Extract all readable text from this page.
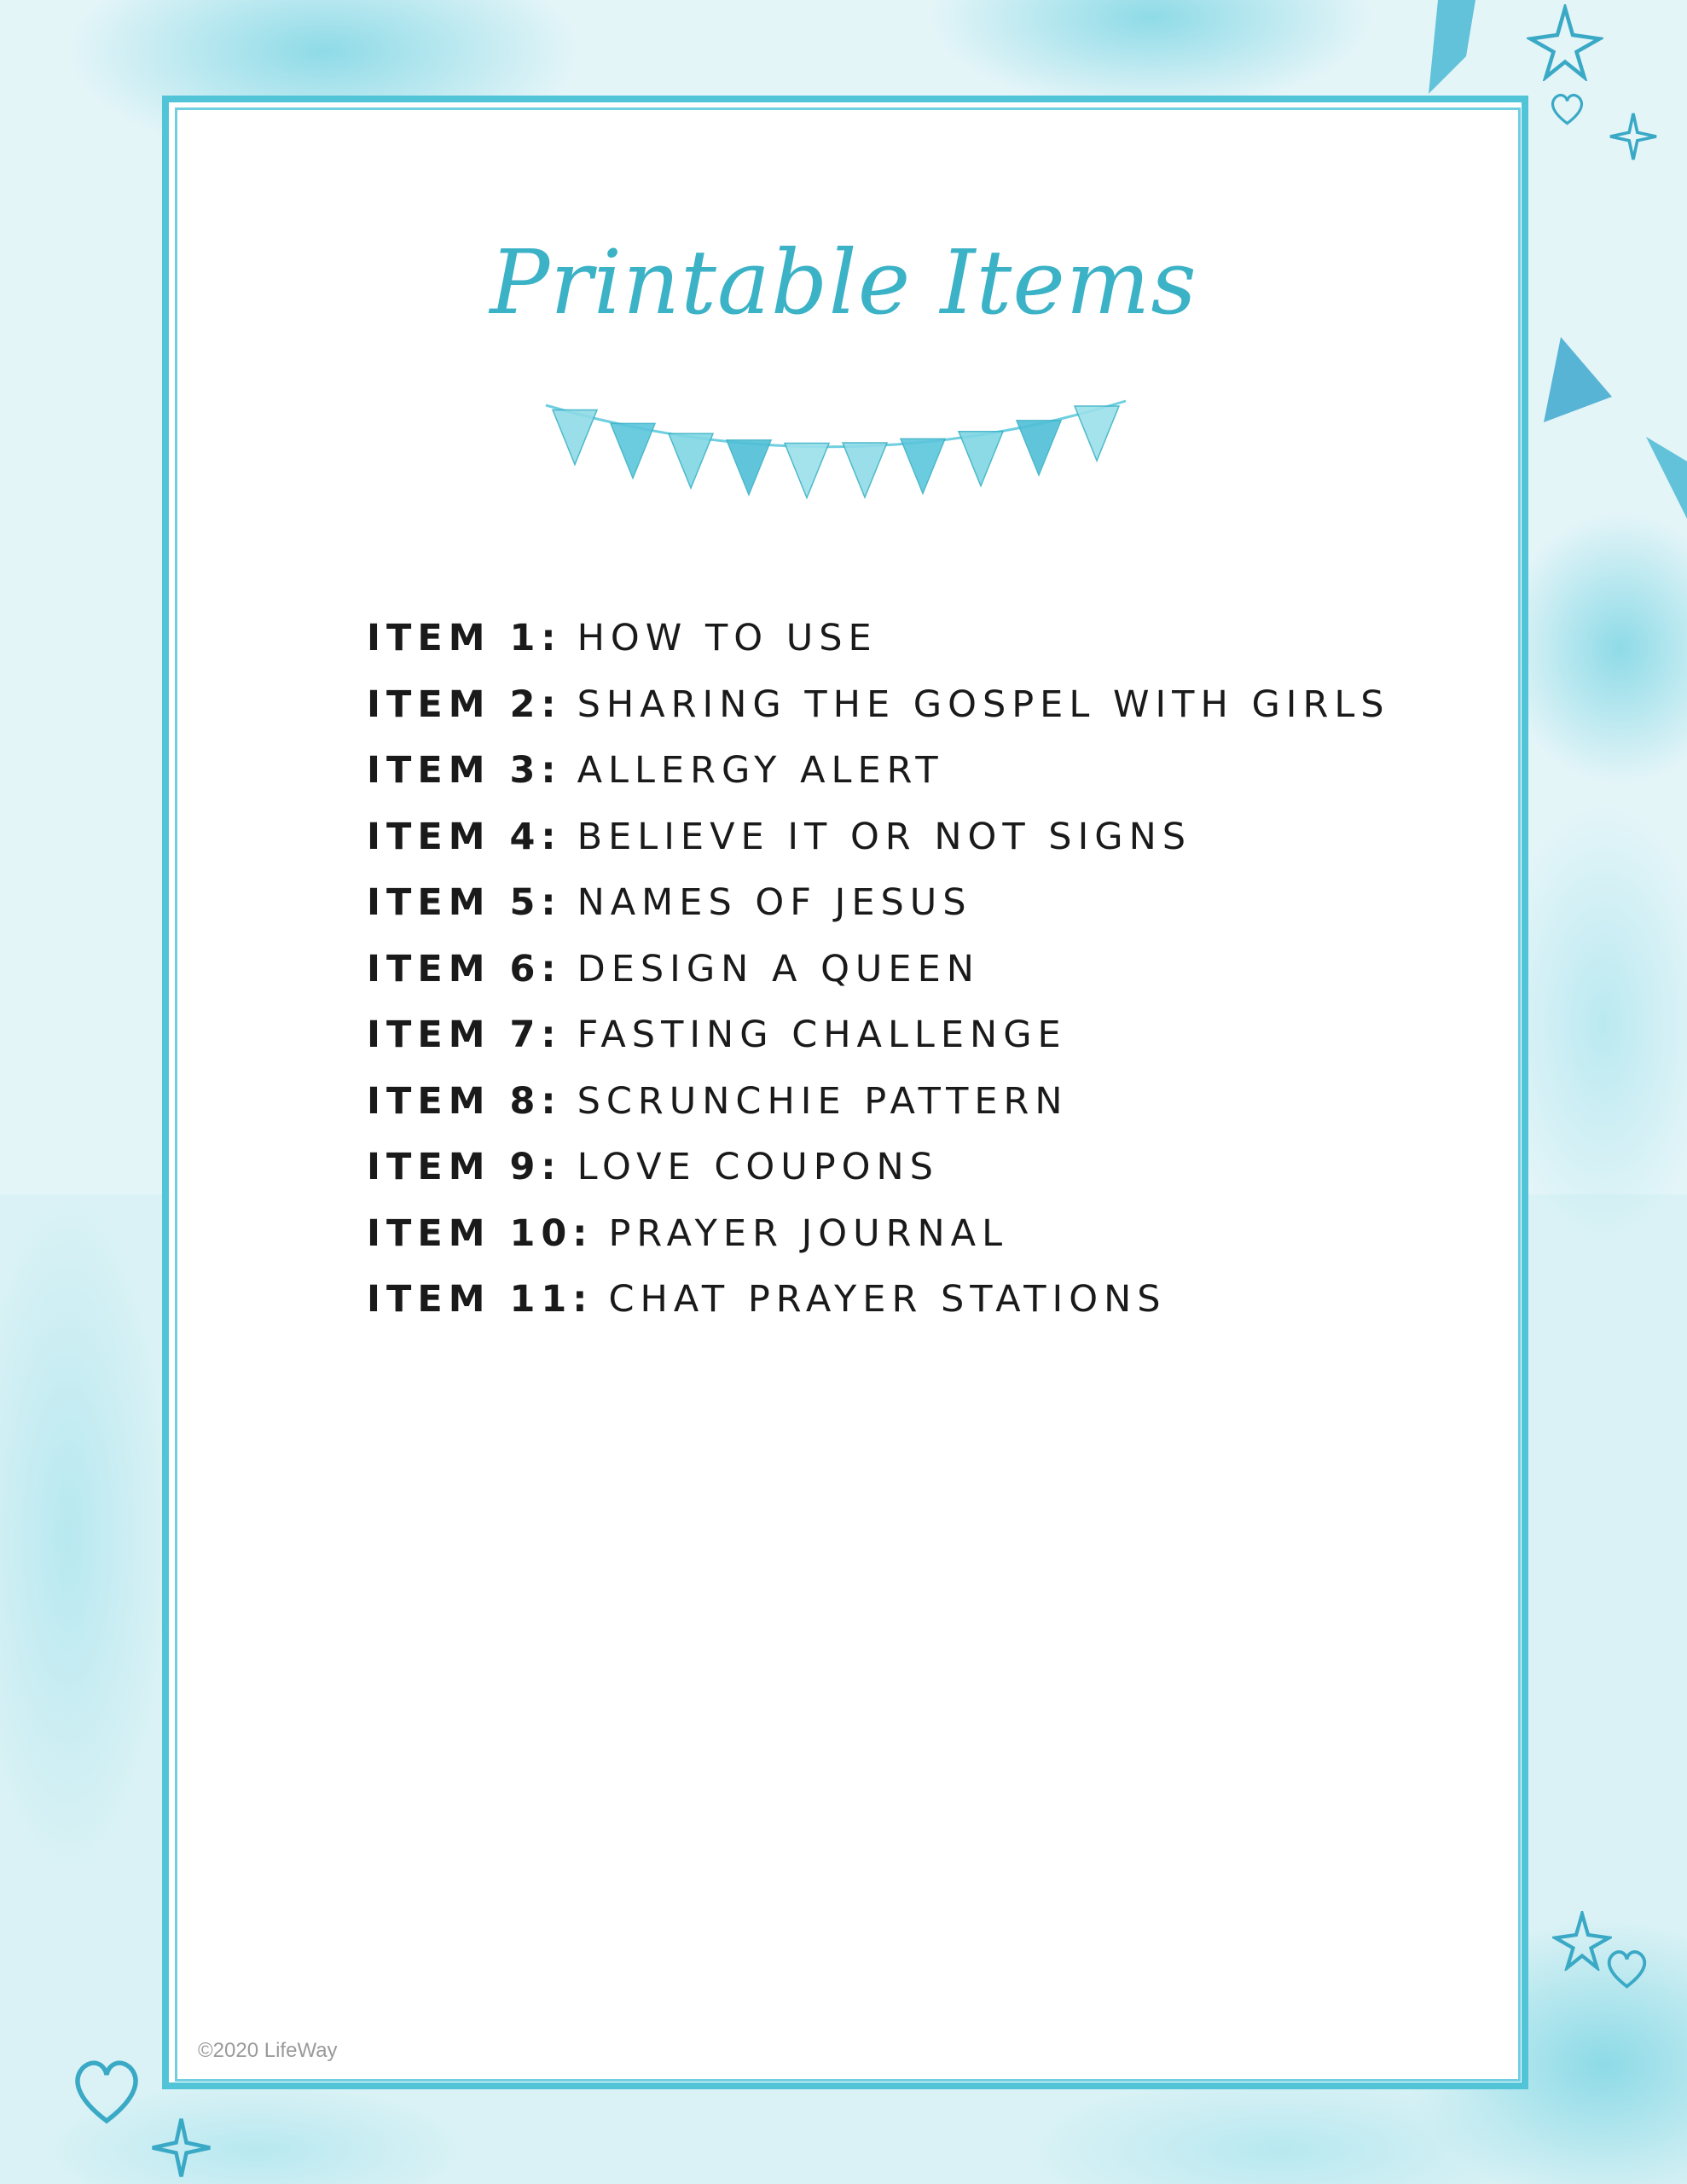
Printable Items
ITEM 1: HOW TO USE
ITEM 2: SHARING THE GOSPEL WITH GIRLS
ITEM 3: ALLERGY ALERT
ITEM 4: BELIEVE IT OR NOT SIGNS
ITEM 5: NAMES OF JESUS
ITEM 6: DESIGN A QUEEN
ITEM 7: FASTING CHALLENGE
ITEM 8: SCRUNCHIE PATTERN
ITEM 9: LOVE COUPONS
ITEM 10: PRAYER JOURNAL
ITEM 11: CHAT PRAYER STATIONS
©2020 LifeWay
